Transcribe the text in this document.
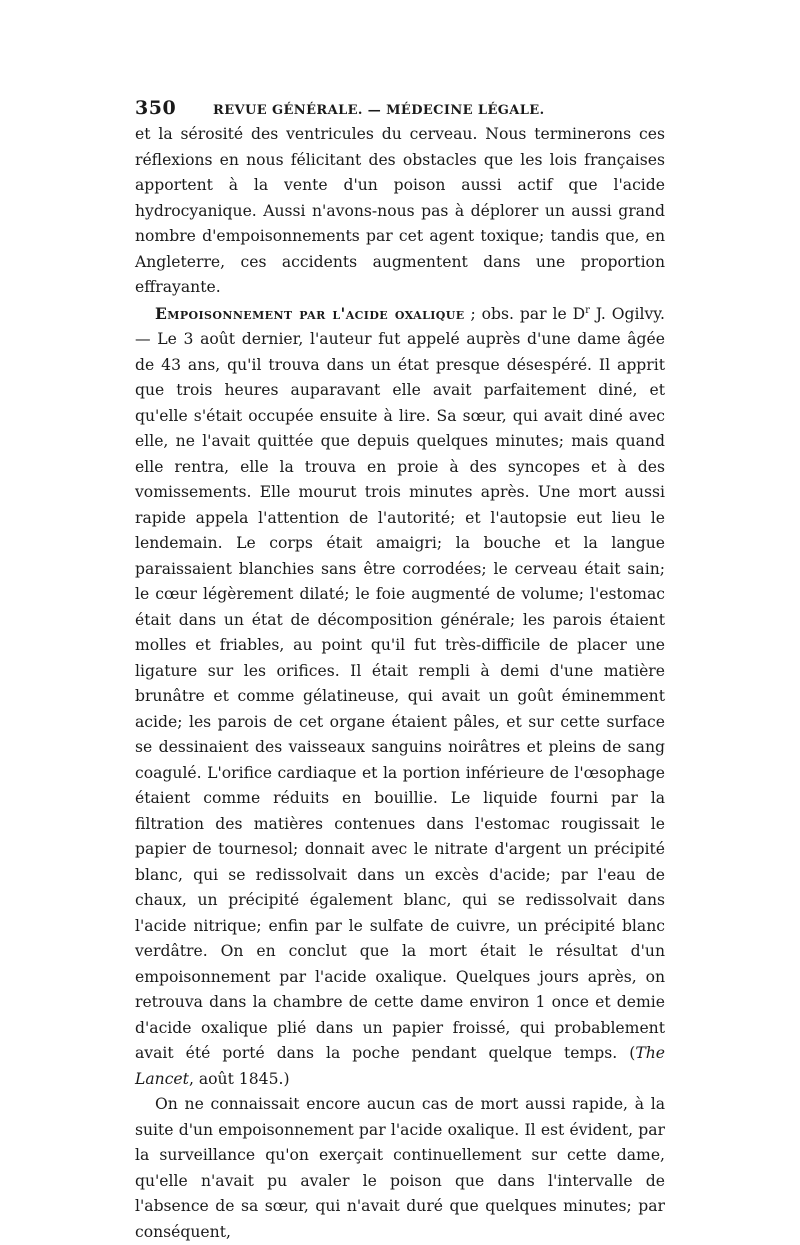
350	REVUE GÉNÉRALE. — MÉDECINE LÉGALE.

et la sérosité des ventricules du cerveau. Nous terminerons ces réflexions en nous félicitant des obstacles que les lois françaises apportent à la vente d'un poison aussi actif que l'acide hydrocyanique. Aussi n'avons-nous pas à déplorer un aussi grand nombre d'empoisonnements par cet agent toxique; tandis que, en Angleterre, ces accidents augmentent dans une proportion effrayante.

Empoisonnement par l'acide oxalique ; obs. par le $D^r$ J. Ogilvy. — Le 3 août dernier, l'auteur fut appelé auprès d'une dame âgée de 43 ans, qu'il trouva dans un état presque désespéré. Il apprit que trois heures auparavant elle avait parfaitement diné, et qu'elle s'était occupée ensuite à lire. Sa sœur, qui avait diné avec elle, ne l'avait quittée que depuis quelques minutes; mais quand elle rentra, elle la trouva en proie à des syncopes et à des vomissements. Elle mourut trois minutes après. Une mort aussi rapide appela l'attention de l'autorité; et l'autopsie eut lieu le lendemain. Le corps était amaigri; la bouche et la langue paraissaient blanchies sans être corrodées; le cerveau était sain; le cœur légèrement dilaté; le foie augmenté de volume; l'estomac était dans un état de décomposition générale; les parois étaient molles et friables, au point qu'il fut très-difficile de placer une ligature sur les orifices. Il était rempli à demi d'une matière brunâtre et comme gélatineuse, qui avait un goût éminemment acide; les parois de cet organe étaient pâles, et sur cette surface se dessinaient des vaisseaux sanguins noirâtres et pleins de sang coagulé. L'orifice cardiaque et la portion inférieure de l'œsophage étaient comme réduits en bouillie. Le liquide fourni par la filtration des matières contenues dans l'estomac rougissait le papier de tournesol; donnait avec le nitrate d'argent un précipité blanc, qui se redissolvait dans un excès d'acide; par l'eau de chaux, un précipité également blanc, qui se redissolvait dans l'acide nitrique; enfin par le sulfate de cuivre, un précipité blanc verdâtre. On en conclut que la mort était le résultat d'un empoisonnement par l'acide oxalique. Quelques jours après, on retrouva dans la chambre de cette dame environ 1 once et demie d'acide oxalique plié dans un papier froissé, qui probablement avait été porté dans la poche pendant quelque temps. (The Lancet, août 1845.)

On ne connaissait encore aucun cas de mort aussi rapide, à la suite d'un empoisonnement par l'acide oxalique. Il est évident, par la surveillance qu'on exerçait continuellement sur cette dame, qu'elle n'avait pu avaler le poison que dans l'intervalle de l'absence de sa sœur, qui n'avait duré que quelques minutes; par conséquent,
